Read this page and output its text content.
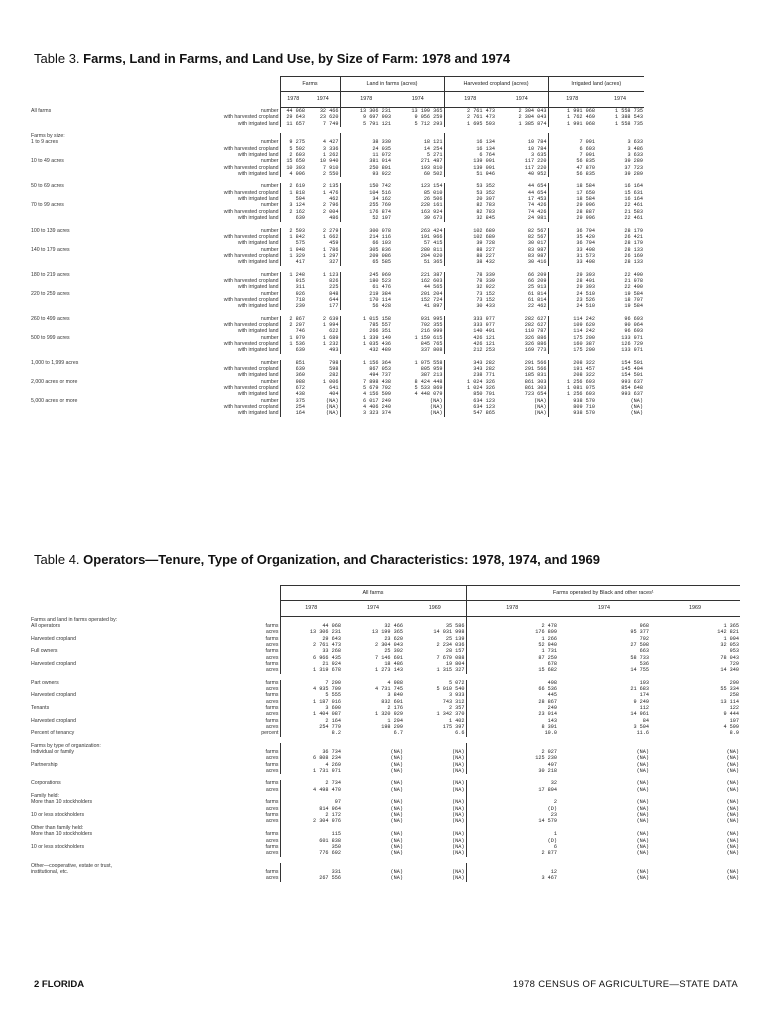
Table 3. Farms, Land in Farms, and Land Use, by Size of Farm: 1978 and 1974
		Farms		Land in farms (acres)		Harvested cropland (acres)		Irrigated land (acres)	
		1978	1974	1978	1974	1978	1974	1978	1974
All farms	number	44 068	32 466	13 306 231	13 199 365	2 761 473	2 304 043	1 991 068	1 558 735
	with harvested cropland	29 643	23 620	9 697 903	9 056 259	2 761 473	2 304 043	1 762 469	1 388 543
	with irrigated land	11 657	7 749	5 791 121	5 712 293	1 695 593	1 385 874	1 991 068	1 558 735

Farms by size:									
1 to 9 acres	number	9 275	4 427	38 330	18 121	16 134	10 784	7 091	3 633
	with harvested cropland	5 502	3 336	24 035	14 254	16 134	10 784	6 603	3 486
	with irrigated land	2 603	1 262	11 072	5 271	6 764	3 635	7 091	3 633
10 to 49 acres	number	15 650	10 940	381 014	271 487	139 091	117 220	56 835	39 289
	with harvested cropland	10 303	7 910	250 801	193 810	139 091	117 220	47 870	37 723
	with irrigated land	4 096	2 550	93 922	60 502	51 946	40 952	56 835	39 289

50 to 69 acres	number	2 619	2 135	150 742	123 154	53 352	44 654	18 584	16 164
	with harvested cropland	1 818	1 476	104 516	85 010	53 352	44 654	17 650	15 631
	with irrigated land	594	462	34 162	26 506	20 307	17 453	18 584	16 164
70 to 99 acres	number	3 124	2 796	255 769	228 161	82 783	74 426	29 996	22 461
	with harvested cropland	2 162	2 004	176 874	163 924	82 783	74 426	28 887	21 583
	with irrigated land	639	486	52 197	39 673	32 845	24 981	29 996	22 461

100 to 139 acres	number	2 593	2 279	300 078	263 424	102 689	82 567	36 794	28 179
	with harvested cropland	1 842	1 662	214 116	191 966	102 689	82 567	35 420	26 421
	with irrigated land	575	459	66 103	57 415	39 728	30 017	36 794	28 179
140 to 179 acres	number	1 948	1 786	305 836	280 811	88 227	83 987	33 408	28 133
	with harvested cropland	1 329	1 297	209 086	204 020	88 227	83 987	31 573	26 169
	with irrigated land	417	327	65 585	51 365	38 432	30 416	33 408	28 133

180 to 219 acres	number	1 248	1 123	245 969	221 387	78 339	66 209	29 393	22 490
	with harvested cropland	915	826	180 523	162 603	78 339	66 209	28 401	21 978
	with irrigated land	311	225	61 476	44 565	32 922	25 913	29 393	22 490
220 to 259 acres	number	926	848	219 384	201 204	73 152	61 814	24 510	19 584
	with harvested cropland	718	644	170 114	152 724	73 152	61 814	23 526	18 707
	with irrigated land	239	177	56 428	41 897	30 433	22 462	24 510	19 584

260 to 499 acres	number	2 867	2 639	1 015 158	931 995	333 977	282 627	114 242	96 693
	with harvested cropland	2 207	1 994	785 557	702 355	333 977	282 627	109 620	90 064
	with irrigated land	746	622	266 351	216 999	140 491	110 787	114 242	96 693
500 to 999 acres	number	1 979	1 689	1 339 149	1 159 615	426 121	326 886	175 200	133 971
	with harvested cropland	1 536	1 232	1 035 436	845 765	426 121	326 886	160 387	126 729
	with irrigated land	639	493	432 489	337 808	212 253	169 773	175 200	133 971

1,000 to 1,999 acres	number	851	798	1 156 364	1 075 558	343 282	291 566	208 322	154 501
	with harvested cropland	639	598	867 053	805 959	343 282	291 566	191 457	145 404
	with irrigated land	360	282	494 737	387 213	238 771	185 831	208 322	154 501
2,000 acres or more	number	988	1 006	7 898 438	8 424 448	1 024 326	861 303	1 256 693	993 637
	with harvested cropland	672	641	5 679 792	5 533 869	1 024 326	861 303	1 081 075	854 648
	with irrigated land	438	404	4 156 599	4 448 079	850 701	723 654	1 256 693	993 637
5,000 acres or more	number	375	(NA)	6 017 249	(NA)	634 123	(NA)	938 570	(NA)
	with harvested cropland	254	(NA)	4 406 240	(NA)	634 123	(NA)	809 710	(NA)
	with irrigated land	164	(NA)	3 323 374	(NA)	547 865	(NA)	938 570	(NA)
Table 4. Operators—Tenure, Type of Organization, and Characteristics: 1978, 1974, and 1969
		All farms			Farms operated by Black and other races¹		
		1978	1974	1969	1978	1974	1969
Farms and land in farms operated by:							
All operators	farms	44 068	32 466	35 586	2 478	968	1 365
	acres	13 306 231	13 199 365	14 031 998	176 809	95 377	142 821
Harvested cropland	farms	29 643	23 620	25 139	1 266	792	1 094
	acres	2 761 473	2 304 043	2 234 036	52 940	27 508	32 053
Full owners	farms	33 268	25 302	28 157	1 731	663	953
	acres	6 966 435	7 146 691	7 679 088	87 259	58 733	78 043
Harvested cropland	farms	21 924	18 486	19 804	678	536	729
	acres	1 319 678	1 273 143	1 315 327	15 682	14 755	14 340

Part owners	farms	7 200	4 988	5 072	498	193	290
	acres	4 935 709	4 731 745	5 010 540	66 536	21 683	55 334
Harvested cropland	farms	5 555	3 840	3 933	445	174	258
	acres	1 187 016	832 601	743 312	28 867	9 249	13 114
Tenants	farms	3 600	2 176	2 357	249	112	122
	acres	1 404 087	1 320 929	1 342 370	23 014	14 961	9 444
Harvested cropland	farms	2 164	1 294	1 402	143	84	107
	acres	254 779	198 299	175 397	8 391	3 504	4 599
Percent of tenancy	percent	8.2	6.7	6.6	10.0	11.6	8.9

Farms by type of organization:							
Individual or family	farms	36 734	(NA)	(NA)	2 027	(NA)	(NA)
	acres	6 808 234	(NA)	(NA)	125 230	(NA)	(NA)
Partnership	farms	4 269	(NA)	(NA)	407	(NA)	(NA)
	acres	1 731 971	(NA)	(NA)	30 218	(NA)	(NA)

Corporations	farms	2 734	(NA)	(NA)	32	(NA)	(NA)
	acres	4 498 470	(NA)	(NA)	17 894	(NA)	(NA)
Family held:							
More than 10 stockholders	farms	97	(NA)	(NA)	2	(NA)	(NA)
	acres	814 964	(NA)	(NA)	(D)	(NA)	(NA)
10 or less stockholders	farms	2 172	(NA)	(NA)	23	(NA)	(NA)
	acres	2 304 976	(NA)	(NA)	14 579	(NA)	(NA)
Other than family held:							
More than 10 stockholders	farms	115	(NA)	(NA)	1	(NA)	(NA)
	acres	601 838	(NA)	(NA)	(D)	(NA)	(NA)
10 or less stockholders	farms	350	(NA)	(NA)	6	(NA)	(NA)
	acres	776 692	(NA)	(NA)	2 877	(NA)	(NA)

Other—cooperative, estate or trust,							
institutional, etc.	farms	331	(NA)	(NA)	12	(NA)	(NA)
	acres	267 556	(NA)	(NA)	3 467	(NA)	(NA)
2 FLORIDA	1978 CENSUS OF AGRICULTURE—STATE DATA
